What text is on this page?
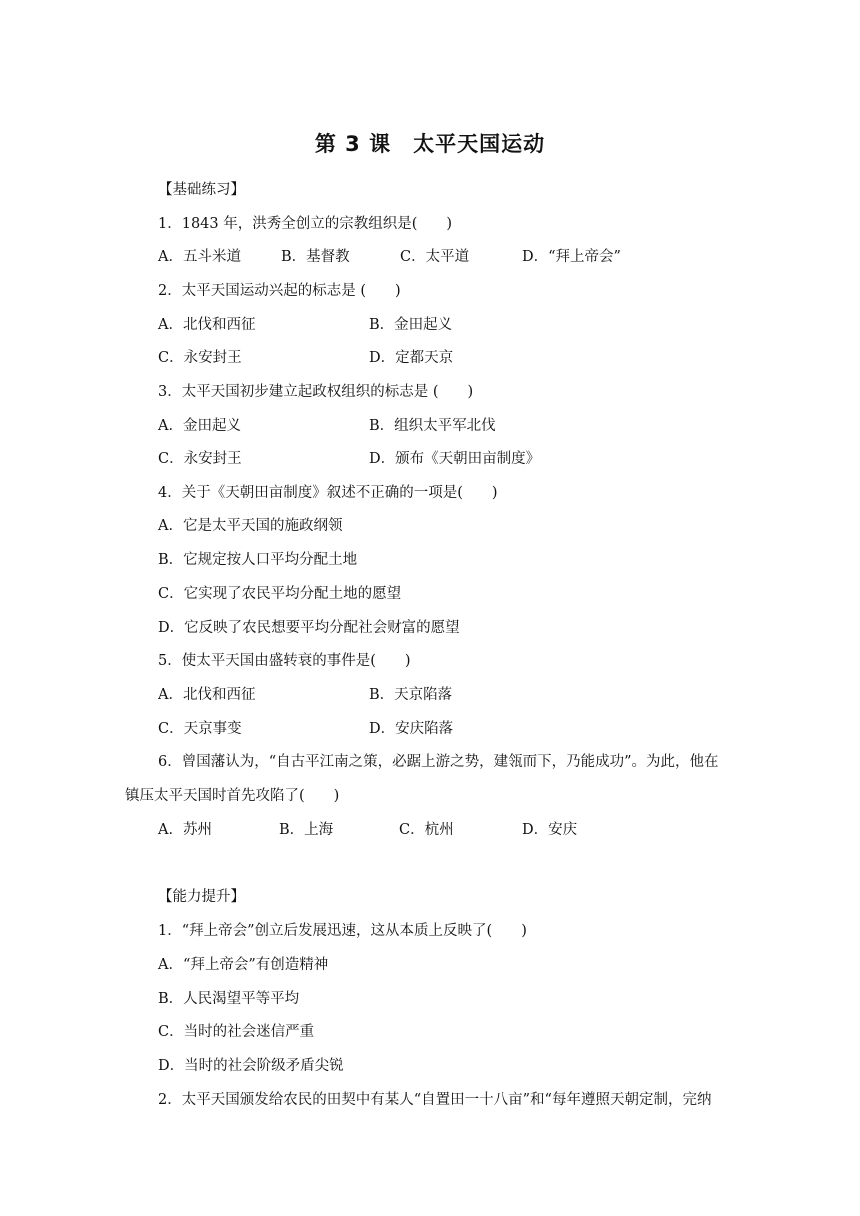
第 3 课　太平天国运动
【基础练习】
1．1843 年，洪秀全创立的宗教组织是(　　)
A．五斗米道	B．基督教	C．太平道	D．“拜上帝会”
2．太平天国运动兴起的标志是 (　　)
A．北伐和西征	B．金田起义
C．永安封王	D．定都天京
3．太平天国初步建立起政权组织的标志是 (　　)
A．金田起义	B．组织太平军北伐
C．永安封王	D．颁布《天朝田亩制度》
4．关于《天朝田亩制度》叙述不正确的一项是(　　)
A．它是太平天国的施政纲领
B．它规定按人口平均分配土地
C．它实现了农民平均分配土地的愿望
D．它反映了农民想要平均分配社会财富的愿望
5．使太平天国由盛转衰的事件是(　　)
A．北伐和西征	B．天京陷落
C．天京事变	D．安庆陷落
6．曾国藩认为，“自古平江南之策，必踞上游之势，建瓴而下，乃能成功”。为此，他在
镇压太平天国时首先攻陷了(　　)
A．苏州	B．上海	C．杭州	D．安庆
【能力提升】
1．“拜上帝会”创立后发展迅速，这从本质上反映了(　　)
A．“拜上帝会”有创造精神
B．人民渴望平等平均
C．当时的社会迷信严重
D．当时的社会阶级矛盾尖锐
2．太平天国颁发给农民的田契中有某人“自置田一十八亩”和“每年遵照天朝定制，完纳
